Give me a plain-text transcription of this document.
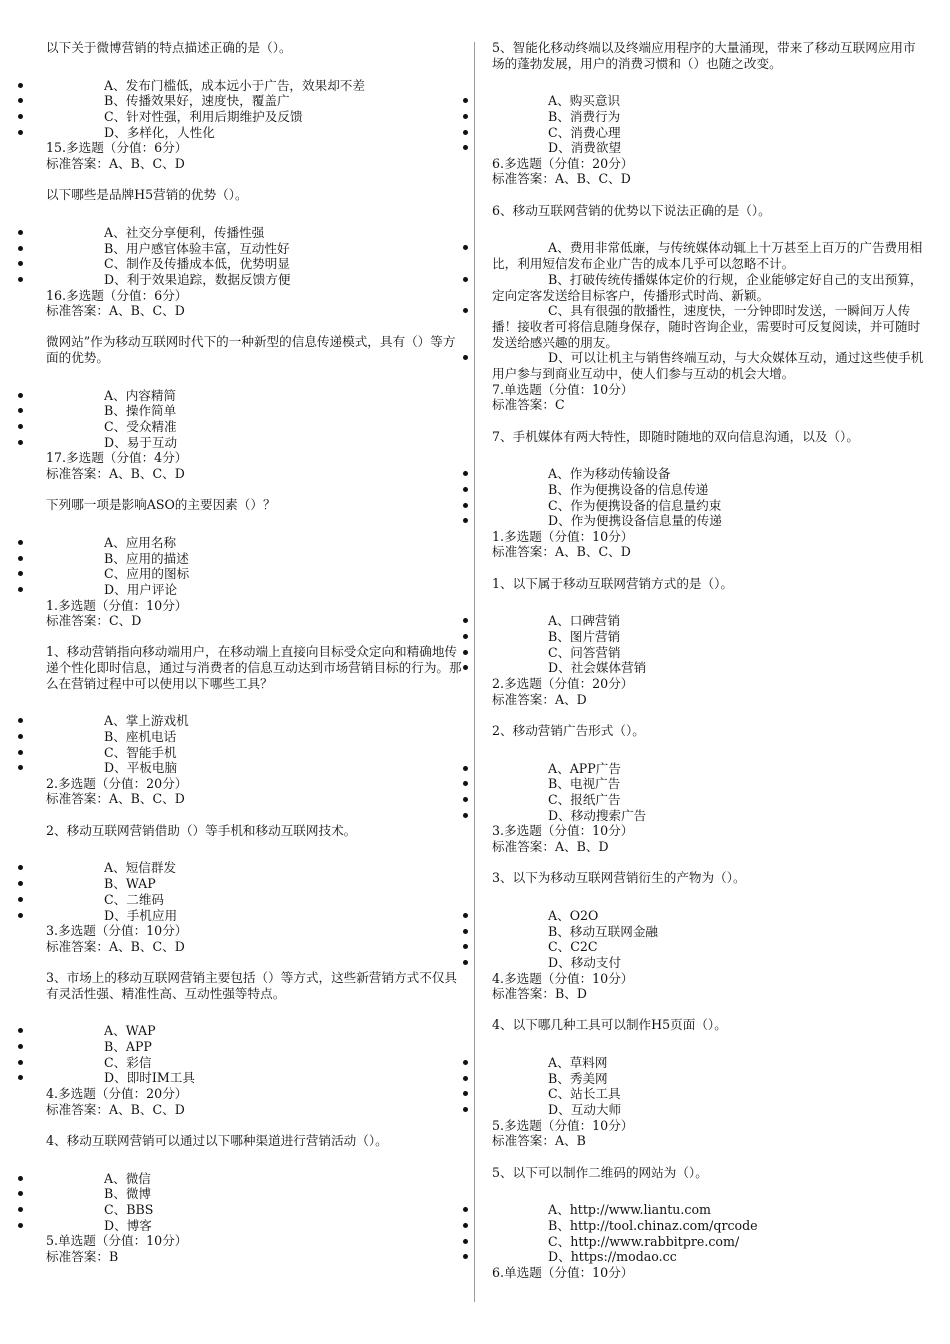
以下关于微博营销的特点描述正确的是（）。
A、发布门槛低，成本远小于广告，效果却不差
B、传播效果好，速度快，覆盖广
C、针对性强，利用后期维护及反馈
D、多样化，人性化
15.多选题（分值：6分）
标准答案：A、B、C、D
以下哪些是品牌H5营销的优势（）。
A、社交分享便利，传播性强
B、用户感官体验丰富，互动性好
C、制作及传播成本低，优势明显
D、利于效果追踪，数据反馈方便
16.多选题（分值：6分）
标准答案：A、B、C、D
微网站”作为移动互联网时代下的一种新型的信息传递模式，具有（）等方面的优势。
A、内容精简
B、操作简单
C、受众精准
D、易于互动
17.多选题（分值：4分）
标准答案：A、B、C、D
下列哪一项是影响ASO的主要因素（）？
A、应用名称
B、应用的描述
C、应用的图标
D、用户评论
1.多选题（分值：10分）
标准答案：C、D
1、移动营销指向移动端用户，在移动端上直接向目标受众定向和精确地传递个性化即时信息，通过与消费者的信息互动达到市场营销目标的行为。那么在营销过程中可以使用以下哪些工具？
A、掌上游戏机
B、座机电话
C、智能手机
D、平板电脑
2.多选题（分值：20分）
标准答案：A、B、C、D
2、移动互联网营销借助（）等手机和移动互联网技术。
A、短信群发
B、WAP
C、二维码
D、手机应用
3.多选题（分值：10分）
标准答案：A、B、C、D
3、市场上的移动互联网营销主要包括（）等方式，这些新营销方式不仅具有灵活性强、精准性高、互动性强等特点。
A、WAP
B、APP
C、彩信
D、即时IM工具
4.多选题（分值：20分）
标准答案：A、B、C、D
4、移动互联网营销可以通过以下哪种渠道进行营销活动（）。
A、微信
B、微博
C、BBS
D、博客
5.单选题（分值：10分）
标准答案：B
5、智能化移动终端以及终端应用程序的大量涌现，带来了移动互联网应用市场的蓬勃发展，用户的消费习惯和（）也随之改变。
A、购买意识
B、消费行为
C、消费心理
D、消费欲望
6.多选题（分值：20分）
标准答案：A、B、C、D
6、移动互联网营销的优势以下说法正确的是（）。
A、费用非常低廉，与传统媒体动辄上十万甚至上百万的广告费用相比，利用短信发布企业广告的成本几乎可以忽略不计。
B、打破传统传播媒体定价的行规，企业能够定好自己的支出预算，定向定客发送给目标客户，传播形式时尚、新颖。
C、具有很强的散播性，速度快，一分钟即时发送，一瞬间万人传播！接收者可将信息随身保存，随时咨询企业，需要时可反复阅读，并可随时发送给感兴趣的朋友。
D、可以让机主与销售终端互动，与大众媒体互动，通过这些使手机用户参与到商业互动中，使人们参与互动的机会大增。
7.单选题（分值：10分）
标准答案：C
7、手机媒体有两大特性，即随时随地的双向信息沟通，以及（）。
A、作为移动传输设备
B、作为便携设备的信息传递
C、作为便携设备的信息量约束
D、作为便携设备信息量的传递
1.多选题（分值：10分）
标准答案：A、B、C、D
1、以下属于移动互联网营销方式的是（）。
A、口碑营销
B、图片营销
C、问答营销
D、社会媒体营销
2.多选题（分值：20分）
标准答案：A、D
2、移动营销广告形式（）。
A、APP广告
B、电视广告
C、报纸广告
D、移动搜索广告
3.多选题（分值：10分）
标准答案：A、B、D
3、以下为移动互联网营销衍生的产物为（）。
A、O2O
B、移动互联网金融
C、C2C
D、移动支付
4.多选题（分值：10分）
标准答案：B、D
4、以下哪几种工具可以制作H5页面（）。
A、草料网
B、秀美网
C、站长工具
D、互动大师
5.多选题（分值：10分）
标准答案：A、B
5、以下可以制作二维码的网站为（）。
A、http://www.liantu.com
B、http://tool.chinaz.com/qrcode
C、http://www.rabbitpre.com/
D、https://modao.cc
6.单选题（分值：10分）
